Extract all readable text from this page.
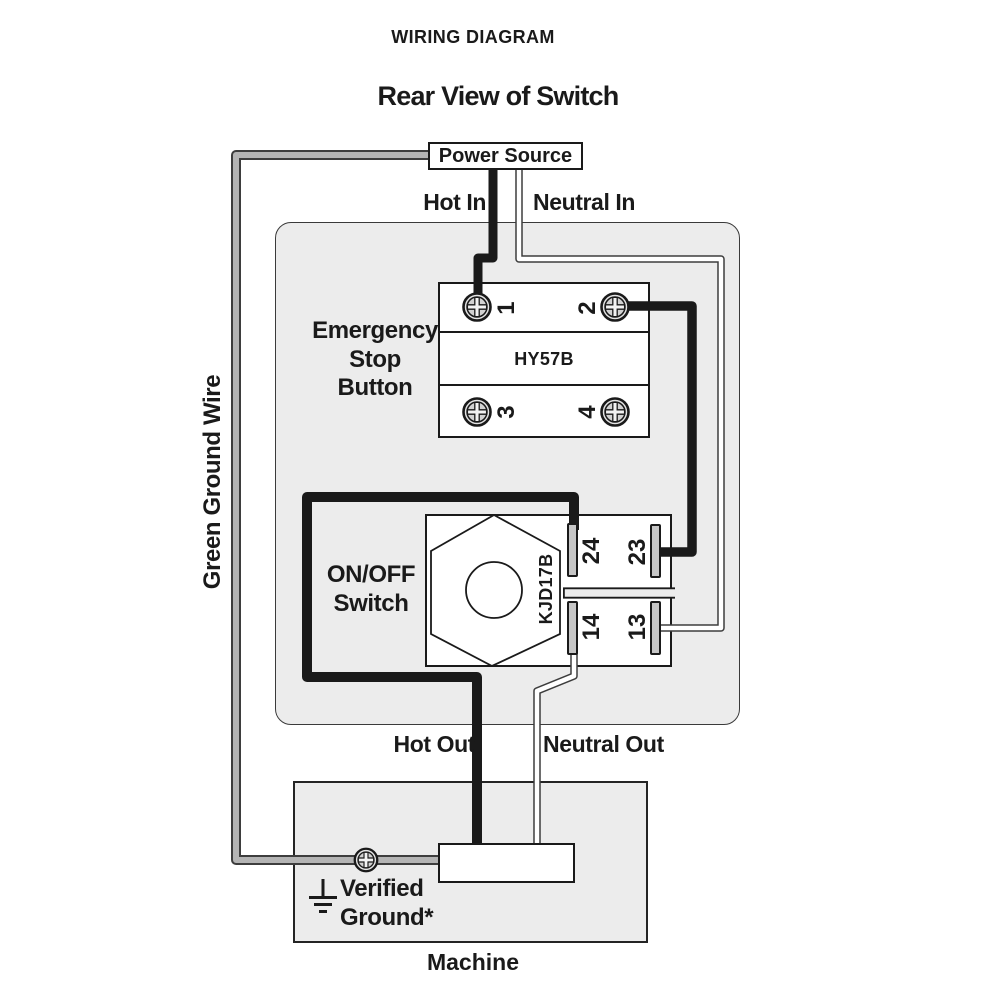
Power Source
WIRING DIAGRAM
Rear View of Switch
Hot In Neutral In
Hot Out	Neutral Out
Green Ground Wire
Emergency
Stop
Button
HY57B
1 2
3 4
ON/OFF
Switch	KJD17B
24 23
14 13
Verified
Ground*
Machine
